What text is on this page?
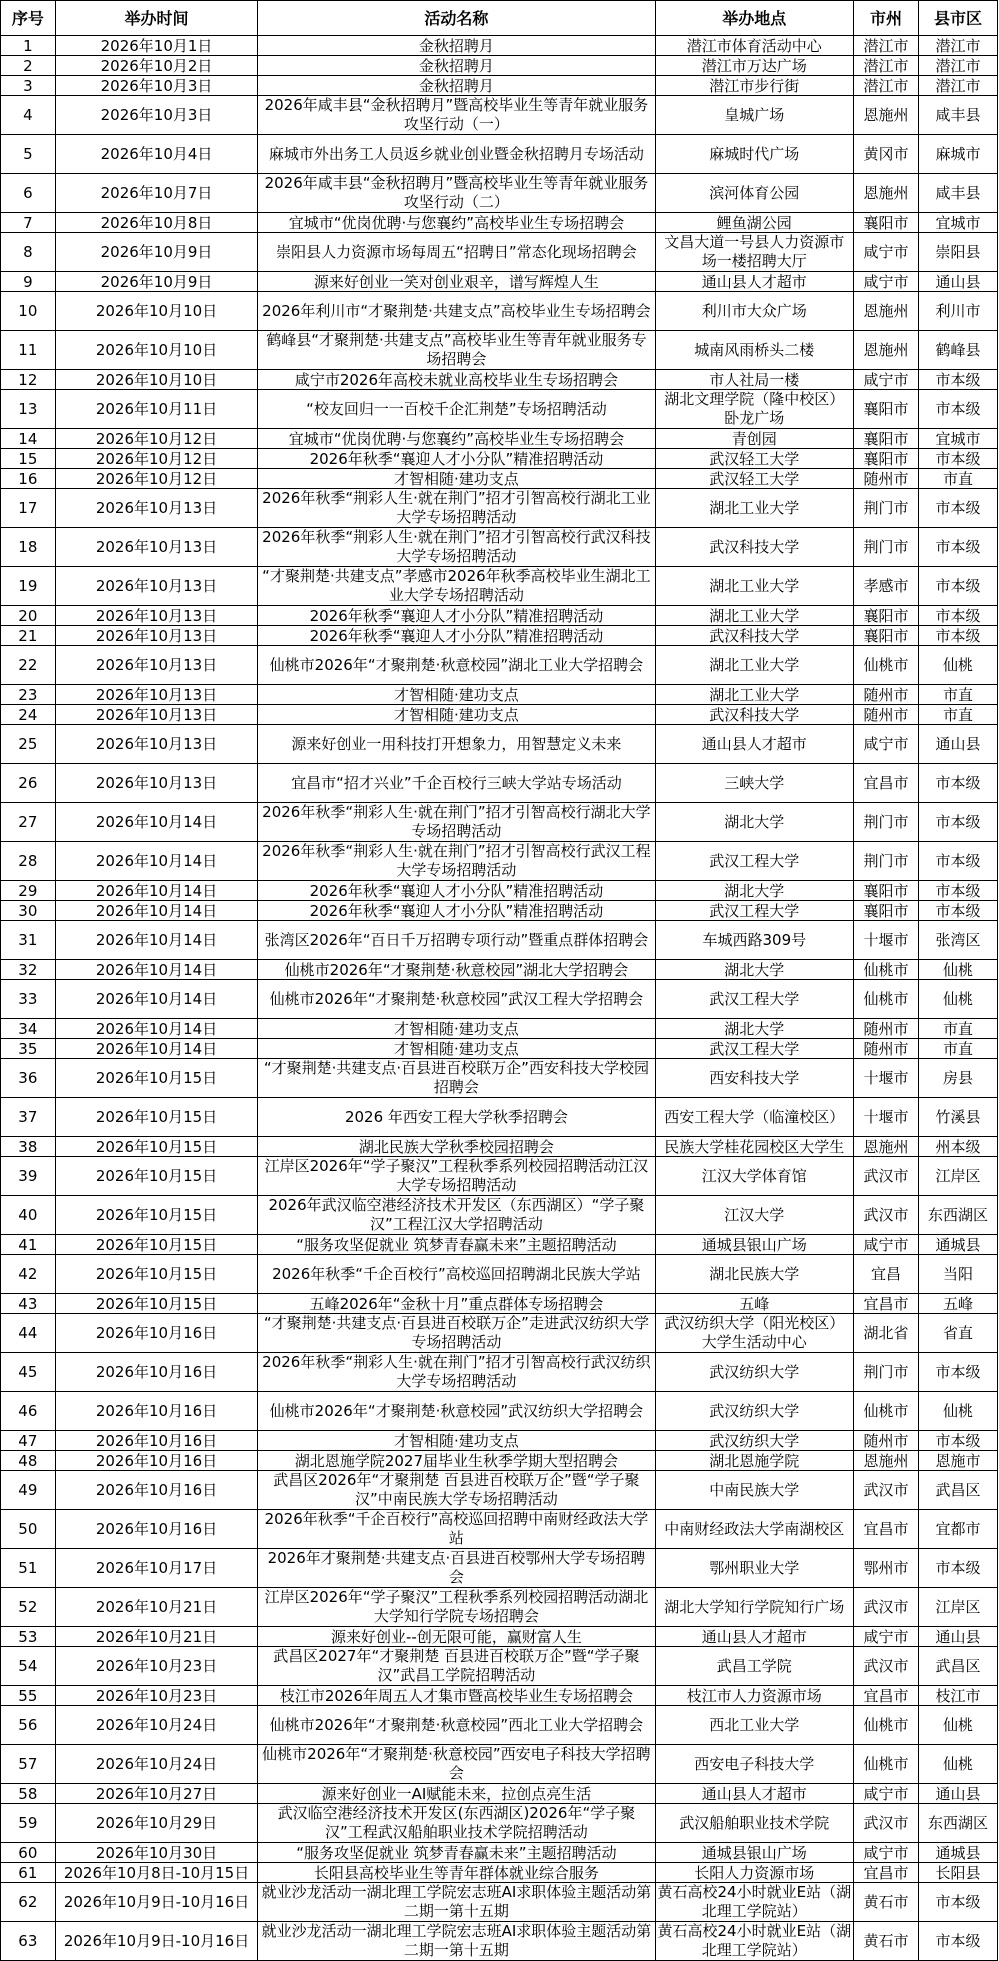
序号	举办时间	活动名称	举办地点	市州	县市区
1	2026年10月1日	金秋招聘月	潜江市体育活动中心	潜江市	潜江市
2	2026年10月2日	金秋招聘月	潜江市万达广场	潜江市	潜江市
3	2026年10月3日	金秋招聘月	潜江市步行街	潜江市	潜江市
4	2026年10月3日	2026年咸丰县“金秋招聘月”暨高校毕业生等青年就业服务攻坚行动（一）	皇城广场	恩施州	咸丰县
5	2026年10月4日	麻城市外出务工人员返乡就业创业暨金秋招聘月专场活动	麻城时代广场	黄冈市	麻城市
6	2026年10月7日	2026年咸丰县“金秋招聘月”暨高校毕业生等青年就业服务攻坚行动（二）	滨河体育公园	恩施州	咸丰县
7	2026年10月8日	宜城市“优岗优聘·与您襄约”高校毕业生专场招聘会	鲤鱼湖公园	襄阳市	宜城市
8	2026年10月9日	崇阳县人力资源市场每周五“招聘日”常态化现场招聘会	文昌大道一号县人力资源市场一楼招聘大厅	咸宁市	崇阳县
9	2026年10月9日	源来好创业一笑对创业艰辛，谱写辉煌人生	通山县人才超市	咸宁市	通山县
10	2026年10月10日	2026年利川市“才聚荆楚·共建支点”高校毕业生专场招聘会	利川市大众广场	恩施州	利川市
11	2026年10月10日	鹤峰县“才聚荆楚·共建支点”高校毕业生等青年就业服务专场招聘会	城南风雨桥头二楼	恩施州	鹤峰县
12	2026年10月10日	咸宁市2026年高校未就业高校毕业生专场招聘会	市人社局一楼	咸宁市	市本级
13	2026年10月11日	“校友回归一一百校千企汇荆楚”专场招聘活动	湖北文理学院（隆中校区）卧龙广场	襄阳市	市本级
14	2026年10月12日	宜城市“优岗优聘·与您襄约”高校毕业生专场招聘会	青创园	襄阳市	宜城市
15	2026年10月12日	2026年秋季“襄迎人才小分队”精准招聘活动	武汉轻工大学	襄阳市	市本级
16	2026年10月12日	才智相随·建功支点	武汉轻工大学	随州市	市直
17	2026年10月13日	2026年秋季“荆彩人生·就在荆门”招才引智高校行湖北工业大学专场招聘活动	湖北工业大学	荆门市	市本级
18	2026年10月13日	2026年秋季“荆彩人生·就在荆门”招才引智高校行武汉科技大学专场招聘活动	武汉科技大学	荆门市	市本级
19	2026年10月13日	“才聚荆楚·共建支点”孝感市2026年秋季高校毕业生湖北工业大学专场招聘活动	湖北工业大学	孝感市	市本级
20	2026年10月13日	2026年秋季“襄迎人才小分队”精准招聘活动	湖北工业大学	襄阳市	市本级
21	2026年10月13日	2026年秋季“襄迎人才小分队”精准招聘活动	武汉科技大学	襄阳市	市本级
22	2026年10月13日	仙桃市2026年“才聚荆楚·秋意校园”湖北工业大学招聘会	湖北工业大学	仙桃市	仙桃
23	2026年10月13日	才智相随·建功支点	湖北工业大学	随州市	市直
24	2026年10月13日	才智相随·建功支点	武汉科技大学	随州市	市直
25	2026年10月13日	源来好创业一用科技打开想象力，用智慧定义未来	通山县人才超市	咸宁市	通山县
26	2026年10月13日	宜昌市“招才兴业”千企百校行三峡大学站专场活动	三峡大学	宜昌市	市本级
27	2026年10月14日	2026年秋季“荆彩人生·就在荆门”招才引智高校行湖北大学专场招聘活动	湖北大学	荆门市	市本级
28	2026年10月14日	2026年秋季“荆彩人生·就在荆门”招才引智高校行武汉工程大学专场招聘活动	武汉工程大学	荆门市	市本级
29	2026年10月14日	2026年秋季“襄迎人才小分队”精准招聘活动	湖北大学	襄阳市	市本级
30	2026年10月14日	2026年秋季“襄迎人才小分队”精准招聘活动	武汉工程大学	襄阳市	市本级
31	2026年10月14日	张湾区2026年“百日千万招聘专项行动”暨重点群体招聘会	车城西路309号	十堰市	张湾区
32	2026年10月14日	仙桃市2026年“才聚荆楚·秋意校园”湖北大学招聘会	湖北大学	仙桃市	仙桃
33	2026年10月14日	仙桃市2026年“才聚荆楚·秋意校园”武汉工程大学招聘会	武汉工程大学	仙桃市	仙桃
34	2026年10月14日	才智相随·建功支点	湖北大学	随州市	市直
35	2026年10月14日	才智相随·建功支点	武汉工程大学	随州市	市直
36	2026年10月15日	“才聚荆楚·共建支点·百县进百校联万企”西安科技大学校园招聘会	西安科技大学	十堰市	房县
37	2026年10月15日	2026 年西安工程大学秋季招聘会	西安工程大学（临潼校区）	十堰市	竹溪县
38	2026年10月15日	湖北民族大学秋季校园招聘会	民族大学桂花园校区大学生	恩施州	州本级
39	2026年10月15日	江岸区2026年“学子聚汉”工程秋季系列校园招聘活动江汉大学专场招聘活动	江汉大学体育馆	武汉市	江岸区
40	2026年10月15日	2026年武汉临空港经济技术开发区（东西湖区）“学子聚汉”工程江汉大学招聘活动	江汉大学	武汉市	东西湖区
41	2026年10月15日	“服务攻坚促就业 筑梦青春赢未来”主题招聘活动	通城县银山广场	咸宁市	通城县
42	2026年10月15日	2026年秋季“千企百校行”高校巡回招聘湖北民族大学站	湖北民族大学	宜昌	当阳
43	2026年10月15日	五峰2026年“金秋十月”重点群体专场招聘会	五峰	宜昌市	五峰
44	2026年10月16日	“才聚荆楚·共建支点·百县进百校联万企”走进武汉纺织大学专场招聘活动	武汉纺织大学（阳光校区）大学生活动中心	湖北省	省直
45	2026年10月16日	2026年秋季“荆彩人生·就在荆门”招才引智高校行武汉纺织大学专场招聘活动	武汉纺织大学	荆门市	市本级
46	2026年10月16日	仙桃市2026年“才聚荆楚·秋意校园”武汉纺织大学招聘会	武汉纺织大学	仙桃市	仙桃
47	2026年10月16日	才智相随·建功支点	武汉纺织大学	随州市	市本级
48	2026年10月16日	湖北恩施学院2027届毕业生秋季学期大型招聘会	湖北恩施学院	恩施州	恩施市
49	2026年10月16日	武昌区2026年“才聚荆楚 百县进百校联万企”暨“学子聚汉”中南民族大学专场招聘活动	中南民族大学	武汉市	武昌区
50	2026年10月16日	2026年秋季“千企百校行”高校巡回招聘中南财经政法大学站	中南财经政法大学南湖校区	宜昌市	宜都市
51	2026年10月17日	2026年才聚荆楚·共建支点·百县进百校鄂州大学专场招聘会	鄂州职业大学	鄂州市	市本级
52	2026年10月21日	江岸区2026年“学子聚汉”工程秋季系列校园招聘活动湖北大学知行学院专场招聘会	湖北大学知行学院知行广场	武汉市	江岸区
53	2026年10月21日	源来好创业--创无限可能，赢财富人生	通山县人才超市	咸宁市	通山县
54	2026年10月23日	武昌区2027年“才聚荆楚 百县进百校联万企”暨“学子聚汉”武昌工学院招聘活动	武昌工学院	武汉市	武昌区
55	2026年10月23日	枝江市2026年周五人才集市暨高校毕业生专场招聘会	枝江市人力资源市场	宜昌市	枝江市
56	2026年10月24日	仙桃市2026年“才聚荆楚·秋意校园”西北工业大学招聘会	西北工业大学	仙桃市	仙桃
57	2026年10月24日	仙桃市2026年“才聚荆楚·秋意校园”西安电子科技大学招聘会	西安电子科技大学	仙桃市	仙桃
58	2026年10月27日	源来好创业一AI赋能未来，拉创点亮生活	通山县人才超市	咸宁市	通山县
59	2026年10月29日	武汉临空港经济技术开发区(东西湖区)2026年“学子聚汉”工程武汉船舶职业技术学院招聘活动	武汉船舶职业技术学院	武汉市	东西湖区
60	2026年10月30日	“服务攻坚促就业 筑梦青春赢未来”主题招聘活动	通城县银山广场	咸宁市	通城县
61	2026年10月8日-10月15日	长阳县高校毕业生等青年群体就业综合服务	长阳人力资源市场	宜昌市	长阳县
62	2026年10月9日-10月16日	就业沙龙活动一湖北理工学院宏志班AI求职体验主题活动第二期一第十五期	黄石高校24小时就业E站（湖北理工学院站）	黄石市	市本级
63	2026年10月9日-10月16日	就业沙龙活动一湖北理工学院宏志班AI求职体验主题活动第二期一第十五期	黄石高校24小时就业E站（湖北理工学院站）	黄石市	市本级
